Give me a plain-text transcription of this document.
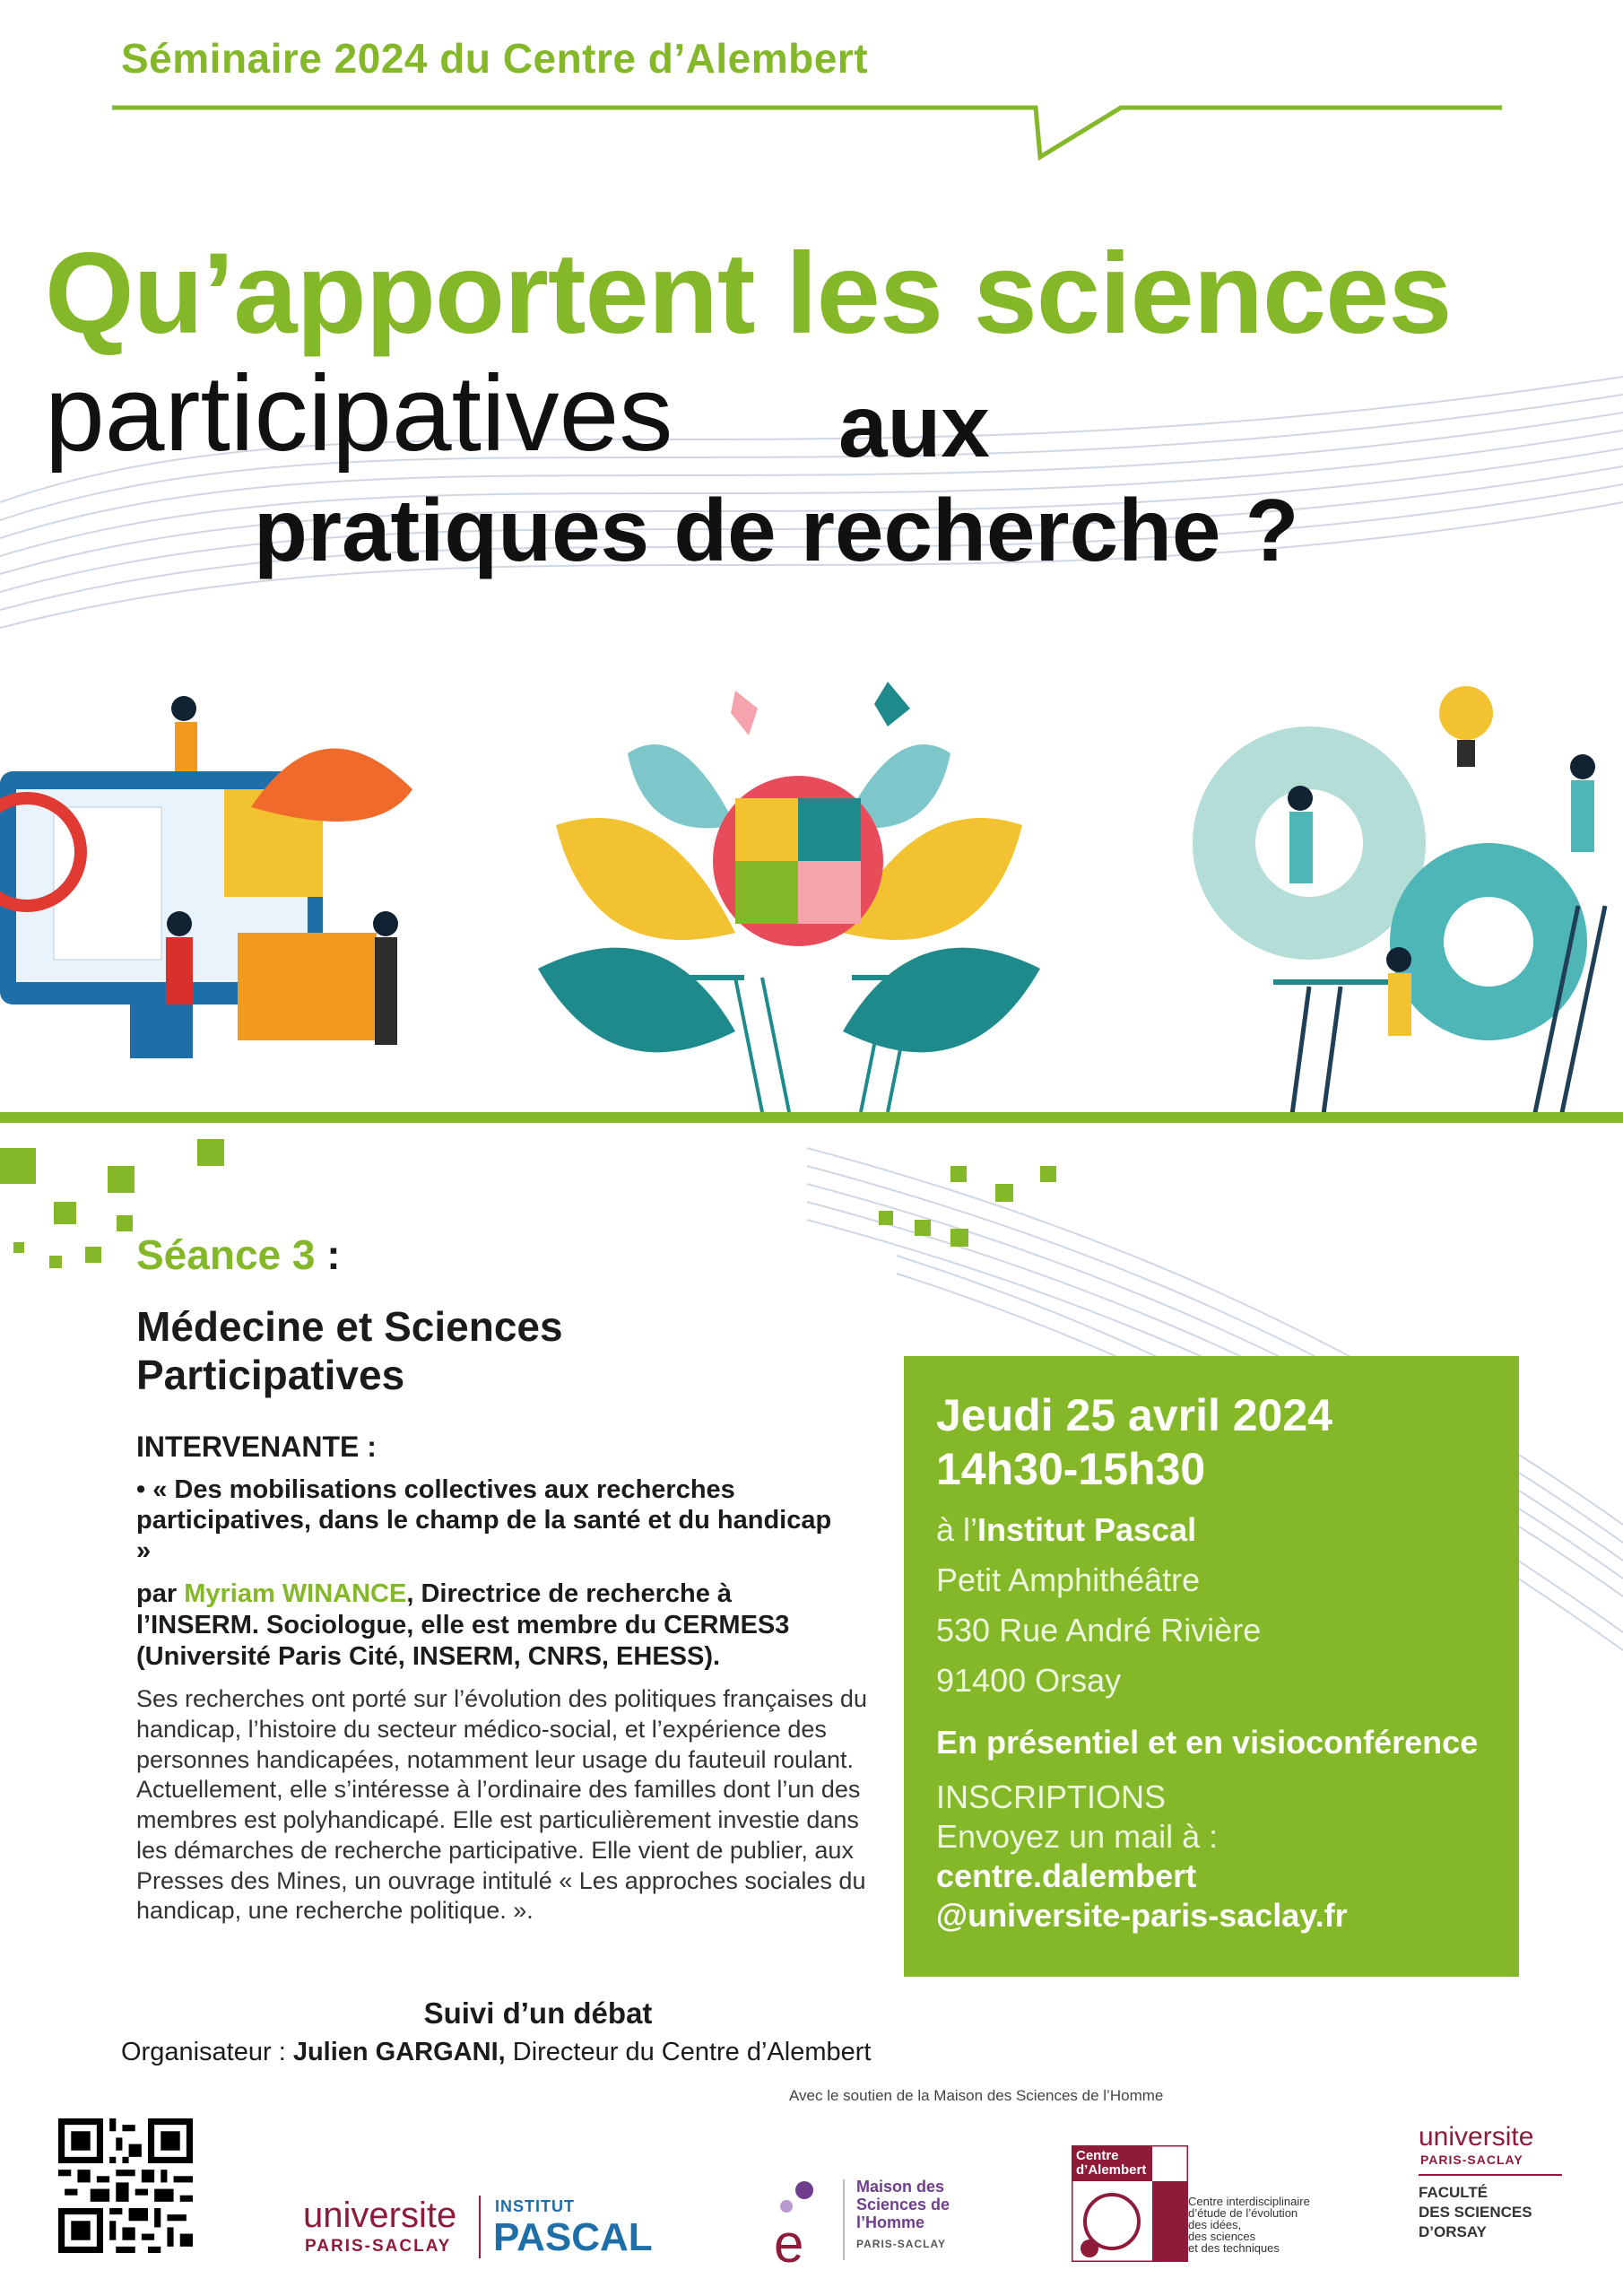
Séminaire 2024 du Centre d’Alembert
Qu’apportent les sciences
participatives aux
pratiques de recherche ?
Séance 3 :
Médecine et Sciences
Participatives
INTERVENANTE :
• « Des mobilisations collectives aux recherches participatives, dans le champ de la santé et du handicap »
par Myriam WINANCE, Directrice de recherche à l’INSERM. Sociologue, elle est membre du CERMES3 (Université Paris Cité, INSERM, CNRS, EHESS).
Ses recherches ont porté sur l’évolution des politiques françaises du handicap, l’histoire du secteur médico-social, et l’expérience des personnes handicapées, notamment leur usage du fauteuil roulant. Actuellement, elle s’intéresse à l’ordinaire des familles dont l’un des membres est polyhandicapé. Elle est particulièrement investie dans les démarches de recherche participative. Elle vient de publier, aux Presses des Mines, un ouvrage intitulé « Les approches sociales du handicap, une recherche politique. ».
Suivi d’un débat
Organisateur : Julien GARGANI, Directeur du Centre d’Alembert
Jeudi 25 avril 2024
14h30-15h30
à l’Institut Pascal
Petit Amphithéâtre
530 Rue André Rivière
91400 Orsay
En présentiel et en visioconférence
INSCRIPTIONS
Envoyez un mail à :
centre.dalembert
@universite-paris-saclay.fr
Avec le soutien de la Maison des Sciences de l’Homme
universite
PARIS-SACLAY
INSTITUT
PASCAL e
Maison des
Sciences de
l’Homme
PARIS-SACLAY
Centre
d’Alembert
Centre interdisciplinaire
d’étude de l’évolution
des idées,
des sciences
et des techniques
universite
PARIS-SACLAY
FACULTÉ
DES SCIENCES
D’ORSAY
